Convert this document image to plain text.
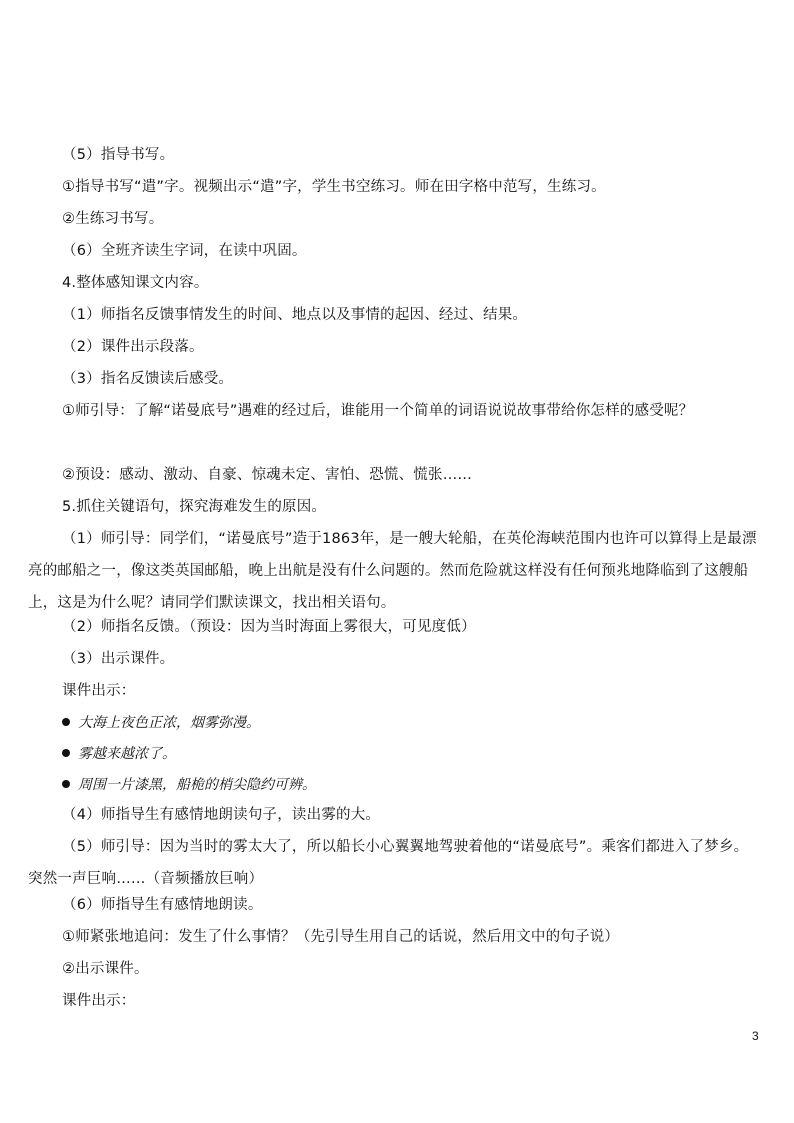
（5）指导书写。
①指导书写“遣”字。视频出示“遣”字，学生书空练习。师在田字格中范写，生练习。
②生练习书写。
（6）全班齐读生字词，在读中巩固。
4.整体感知课文内容。
（1）师指名反馈事情发生的时间、地点以及事情的起因、经过、结果。
（2）课件出示段落。
（3）指名反馈读后感受。
①师引导：了解“诺曼底号”遇难的经过后，谁能用一个简单的词语说说故事带给你怎样的感受呢？
②预设：感动、激动、自豪、惊魂未定、害怕、恐慌、慌张……
5.抓住关键语句，探究海难发生的原因。
（1）师引导：同学们，“诺曼底号”造于1863年，是一艘大轮船，在英伦海峡范围内也许可以算得上是最漂亮的邮船之一，像这类英国邮船，晚上出航是没有什么问题的。然而危险就这样没有任何预兆地降临到了这艘船上，这是为什么呢？请同学们默读课文，找出相关语句。
（2）师指名反馈。（预设：因为当时海面上雾很大，可见度低）
（3）出示课件。
课件出示：
大海上夜色正浓，烟雾弥漫。
雾越来越浓了。
周围一片漆黑，船桅的梢尖隐约可辨。
（4）师指导生有感情地朗读句子，读出雾的大。
（5）师引导：因为当时的雾太大了，所以船长小心翼翼地驾驶着他的“诺曼底号”。乘客们都进入了梦乡。突然一声巨响……（音频播放巨响）
（6）师指导生有感情地朗读。
①师紧张地追问：发生了什么事情？（先引导生用自己的话说，然后用文中的句子说）
②出示课件。
课件出示：
3
